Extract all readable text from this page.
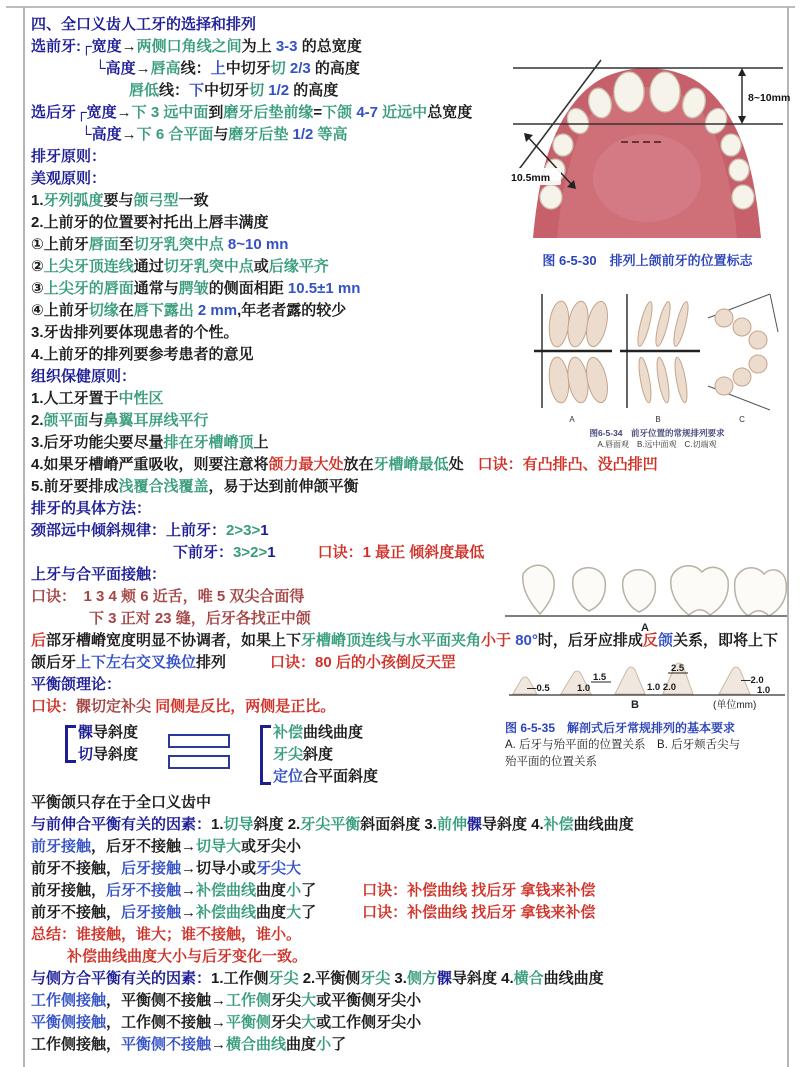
四、全口义齿人工牙的选择和排列
选前牙:┌宽度→两侧口角线之间为上 3-3 的总宽度
└高度→唇高线：上中切牙切 2/3 的高度
唇低线：下中切牙切 1/2 的高度
选后牙┌宽度→下 3 远中面到磨牙后垫前缘=下颌 4-7 近远中总宽度
└高度→下 6 合平面与磨牙后垫 1/2 等高
排牙原则：
美观原则：
1.牙列弧度要与颌弓型一致
2.上前牙的位置要衬托出上唇丰满度
①上前牙唇面至切牙乳突中点 8~10 mn
②上尖牙顶连线通过切牙乳突中点或后缘平齐
③上尖牙的唇面通常与腭皱的侧面相距 10.5±1 mn
④上前牙切缘在唇下露出 2 mm,年老者露的较少
3.牙齿排列要体现患者的个性。
4.上前牙的排列要参考患者的意见
组织保健原则：
1.人工牙置于中性区
2.颌平面与鼻翼耳屏线平行
3.后牙功能尖要尽量排在牙槽嵴顶上
4.如果牙槽嵴严重吸收，则要注意将颌力最大处放在牙槽嵴最低处 口诀：有凸排凸、没凸排凹
5.前牙要排成浅覆合浅覆盖，易于达到前伸颌平衡
排牙的具体方法：
颈部远中倾斜规律：上前牙：2>3>1
下前牙：3>2>1	口诀：1 最正 倾斜度最低
上牙与合平面接触：
口诀：　1 3 4 颊 6 近舌，唯 5 双尖合面得
下 3 正对 23 缝，后牙各找正中颌
后部牙槽嵴宽度明显不协调者，如果上下牙槽嵴顶连线与水平面夹角小于 80°时，后牙应排成反颌关系，即将上下颌后牙上下左右交叉换位排列	口诀：80 后的小孩倒反天罡
平衡颌理论：
口诀：髁切定补尖 同侧是反比，两侧是正比。
髁导斜度
切导斜度
补偿曲线曲度
牙尖斜度
定位合平面斜度
平衡颌只存在于全口义齿中
与前伸合平衡有关的因素：1.切导斜度 2.牙尖平衡斜面斜度 3.前伸髁导斜度 4.补偿曲线曲度
前牙接触，后牙不接触→切导大或牙尖小
前牙不接触，后牙接触→切导小或牙尖大
前牙接触，后牙不接触→补偿曲线曲度小了	口诀：补偿曲线 找后牙 拿钱来补偿
前牙不接触，后牙接触→补偿曲线曲度大了	口诀：补偿曲线 找后牙 拿钱来补偿
总结：谁接触，谁大；谁不接触，谁小。
补偿曲线曲度大小与后牙变化一致。
与侧方合平衡有关的因素：1.工作侧牙尖 2.平衡侧牙尖 3.侧方髁导斜度 4.横合曲线曲度
工作侧接触，平衡侧不接触→工作侧牙尖大或平衡侧牙尖小
平衡侧接触，工作侧不接触→平衡侧牙尖大或工作侧牙尖小
工作侧接触，平衡侧不接触→横合曲线曲度小了
8~10mm
10.5mm
图 6-5-30　排列上颌前牙的位置标志
A	B	C
图6-5-34　前牙位置的常规排列要求
A.唇面观　B.远中面观　C.切端观
A
—0.5	1.0
1.5
2.5
1.0 2.0
—2.0
1.0
B	(单位mm)
图 6-5-35　解剖式后牙常规排列的基本要求
A. 后牙与殆平面的位置关系　B. 后牙颊舌尖与
殆平面的位置关系
